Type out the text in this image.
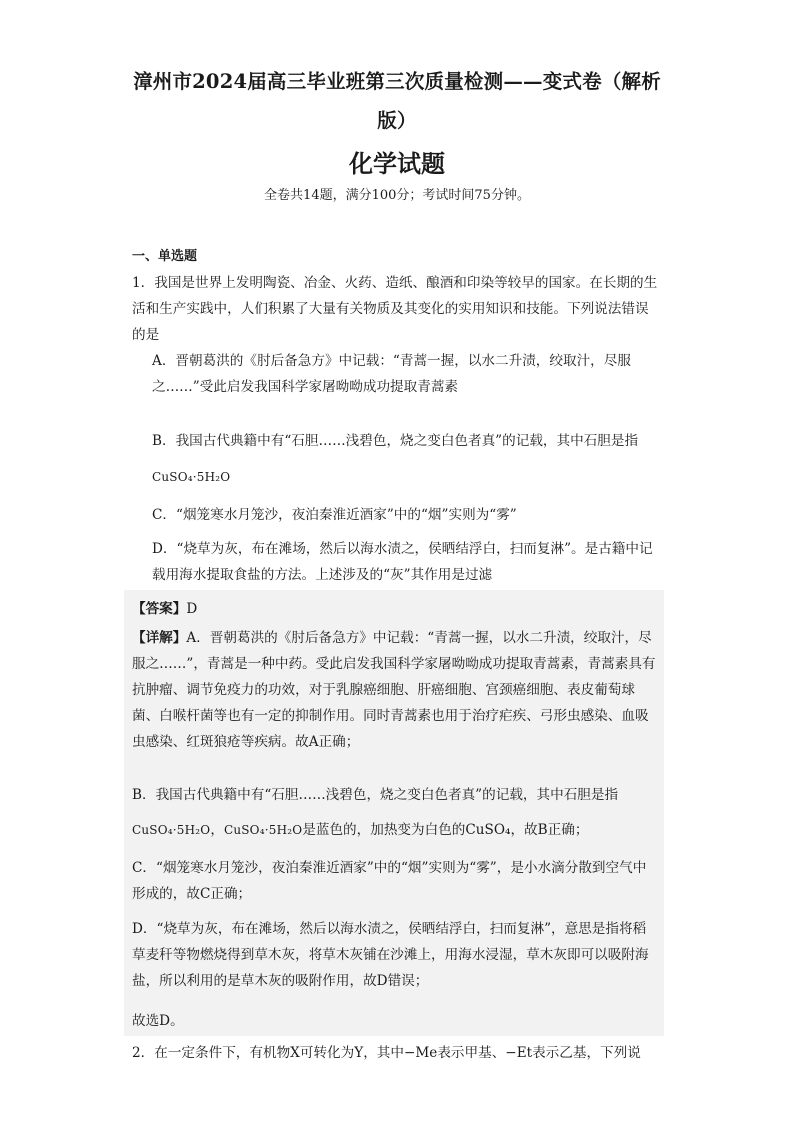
漳州市2024届高三毕业班第三次质量检测——变式卷（解析版）
化学试题
全卷共14题，满分100分；考试时间75分钟。
一、单选题
1．我国是世界上发明陶瓷、冶金、火药、造纸、酿酒和印染等较早的国家。在长期的生活和生产实践中，人们积累了大量有关物质及其变化的实用知识和技能。下列说法错误的是
A．晋朝葛洪的《肘后备急方》中记载：“青蒿一握，以水二升渍，绞取汁，尽服之……”受此启发我国科学家屠呦呦成功提取青蒿素
B．我国古代典籍中有“石胆……浅碧色，烧之变白色者真”的记载，其中石胆是指
CuSO₄·5H₂O
C．“烟笼寒水月笼沙，夜泊秦淮近酒家”中的“烟”实则为“雾”
D．“烧草为灰，布在滩场，然后以海水渍之，侯晒结浮白，扫而复淋”。是古籍中记载用海水提取食盐的方法。上述涉及的“灰”其作用是过滤
【答案】D
【详解】A．晋朝葛洪的《肘后备急方》中记载：“青蒿一握，以水二升渍，绞取汁，尽服之……”，青蒿是一种中药。受此启发我国科学家屠呦呦成功提取青蒿素，青蒿素具有抗肿瘤、调节免疫力的功效，对于乳腺癌细胞、肝癌细胞、宫颈癌细胞、表皮葡萄球菌、白喉杆菌等也有一定的抑制作用。同时青蒿素也用于治疗疟疾、弓形虫感染、血吸虫感染、红斑狼疮等疾病。故A正确；
B．我国古代典籍中有“石胆……浅碧色，烧之变白色者真”的记载，其中石胆是指
CuSO₄·5H₂O，CuSO₄·5H₂O是蓝色的，加热变为白色的CuSO₄，故B正确；
C．“烟笼寒水月笼沙，夜泊秦淮近酒家”中的“烟”实则为“雾”，是小水滴分散到空气中形成的，故C正确；
D．“烧草为灰，布在滩场，然后以海水渍之，侯晒结浮白，扫而复淋”，意思是指将稻草麦秆等物燃烧得到草木灰，将草木灰铺在沙滩上，用海水浸湿，草木灰即可以吸附海盐，所以利用的是草木灰的吸附作用，故D错误；
故选D。
2．在一定条件下，有机物X可转化为Y，其中−Me表示甲基、−Et表示乙基，下列说
